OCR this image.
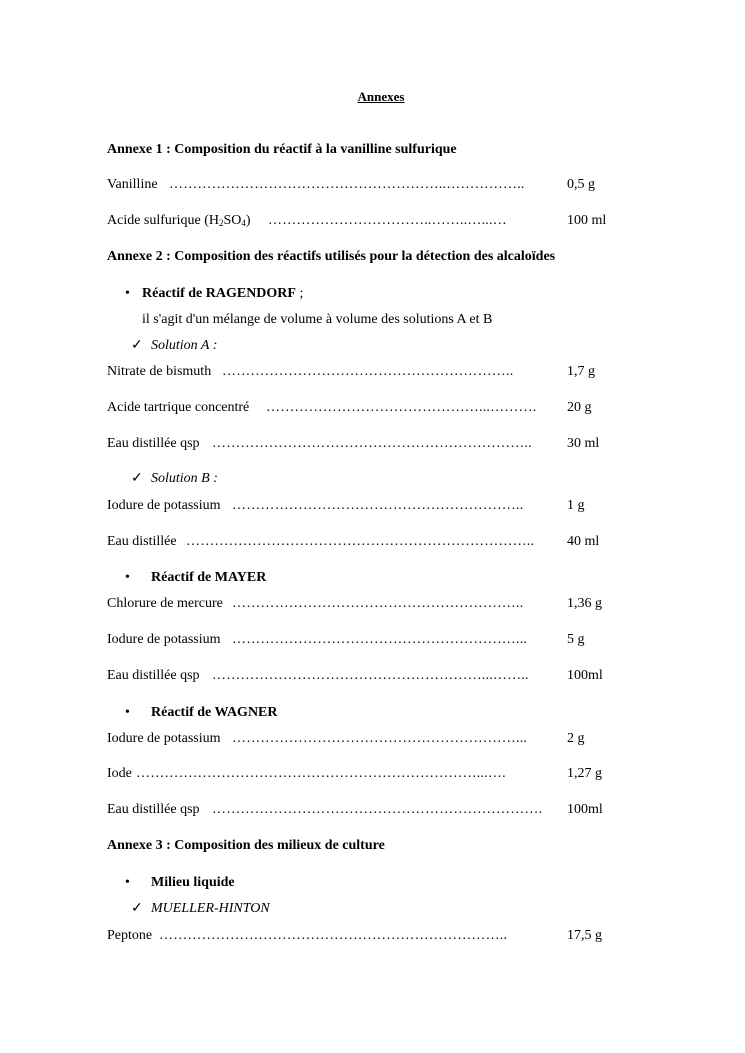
Annexes
Annexe 1 : Composition du réactif à la vanilline sulfurique
Vanilline …………………………………………………..……………..	0,5 g
Acide sulfurique $(H_2SO_4)$ ……………………………..……..…...…	100 ml
Annexe 2 : Composition des réactifs utilisés pour la détection des alcaloïdes
• Réactif de RAGENDORF ;
il s'agit d'un mélange de volume à volume des solutions A et B
✓ Solution A :
Nitrate de bismuth ……………………………………………………..	1,7 g
Acide tartrique concentré ………………………………………...……….	20 g
Eau distillée qsp …………………………………………………………..	30 ml
✓ Solution B :
Iodure de potassium ……………………………………………………..	1 g
Eau distillée ……………………………………………………………….. 40 ml
• Réactif de MAYER
Chlorure de mercure ……………………………………………………..	1,36 g
Iodure de potassium ……………………………………………………...	5 g
Eau distillée qsp …………………………………………………...……..	100ml
• Réactif de WAGNER
Iodure de potassium ……………………………………………………...	2 g
Iode ………………………………………………………………...….	1,27 g
Eau distillée qsp …………………………………………………………….	100ml
Annexe 3 : Composition des milieux de culture
• Milieu liquide
✓ MUELLER-HINTON
Peptone ………………………………………………………………..	17,5 g
